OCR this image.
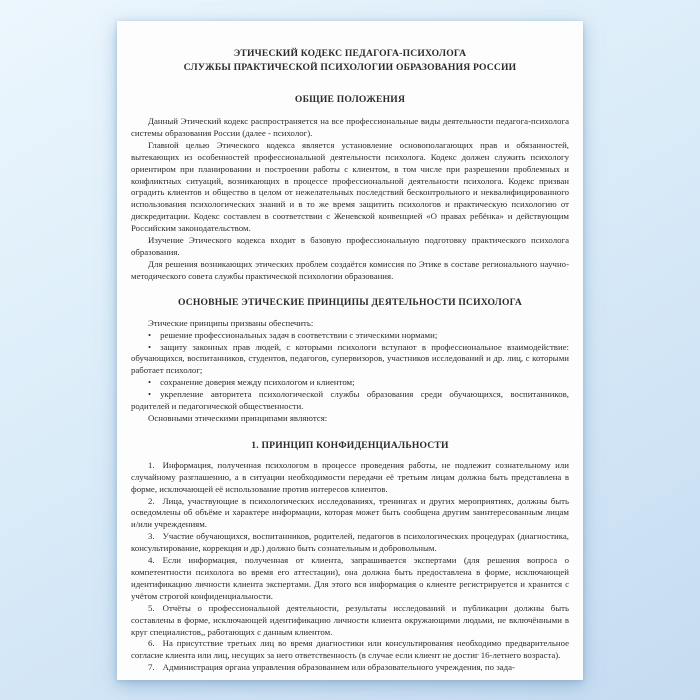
ЭТИЧЕСКИЙ КОДЕКС ПЕДАГОГА-ПСИХОЛОГА
СЛУЖБЫ ПРАКТИЧЕСКОЙ ПСИХОЛОГИИ ОБРАЗОВАНИЯ РОССИИ
ОБЩИЕ ПОЛОЖЕНИЯ

Данный Этический кодекс распространяется на все профессиональные виды деятельности педагога-психолога системы образования России (далее - психолог).

Главной целью Этического кодекса является установление основополагающих прав и обязанностей, вытекающих из особенностей профессиональной деятельности психолога. Кодекс должен служить психологу ориентиром при планировании и построении работы с клиентом, в том числе при разрешении проблемных и конфликтных ситуаций, возникающих в процессе профессиональной деятельности психолога. Кодекс призван оградить клиентов и общество в целом от нежелательных последствий бесконтрольного и неквалифицированного использования психологических знаний и в то же время защитить психологов и практическую психологию от дискредитации. Кодекс составлен в соответствии с Женевской конвенцией «О правах ребёнка» и действующим Российским законодательством.

Изучение Этического кодекса входит в базовую профессиональную подготовку практического психолога образования.

Для решения возникающих этических проблем создаётся комиссия по Этике в составе регионального научно-методического совета службы практической психологии образования.

ОСНОВНЫЕ ЭТИЧЕСКИЕ ПРИНЦИПЫ ДЕЯТЕЛЬНОСТИ ПСИХОЛОГА

Этические принципы призваны обеспечить:

• решение профессиональных задач в соответствии с этическими нормами;

• защиту законных прав людей, с которыми психологи вступают в профессиональное взаимодействие: обучающихся, воспитанников, студентов, педагогов, супервизоров, участников исследований и др. лиц, с которыми работает психолог;

• сохранение доверия между психологом и клиентом;

• укрепление авторитета психологической службы образования среди обучающихся, воспитанников, родителей и педагогической общественности.

Основными этическими принципами являются:

1. ПРИНЦИП КОНФИДЕНЦИАЛЬНОСТИ

1. Информация, полученная психологом в процессе проведения работы, не подлежит сознательному или случайному разглашению, а в ситуации необходимости передачи её третьим лицам должна быть представлена в форме, исключающей её использование против интересов клиентов.

2. Лица, участвующие в психологических исследованиях, тренингах и других мероприятиях, должны быть осведомлены об объёме и характере информации, которая может быть сообщена другим заинтересованным лицам и/или учреждениям.

3. Участие обучающихся, воспитанников, родителей, педагогов в психологических процедурах (диагностика, консультирование, коррекция и др.) должно быть сознательным и добровольным.

4. Если информация, полученная от клиента, запрашивается экспертами (для решения вопроса о компетентности психолога во время его аттестации), она должна быть предоставлена в форме, исключающей идентификацию личности клиента экспертами. Для этого вся информация о клиенте регистрируется и хранится с учётом строгой конфиденциальности.

5. Отчёты о профессиональной деятельности, результаты исследований и публикации должны быть составлены в форме, исключающей идентификацию личности клиента окружающими людьми, не включёнными в круг специалистов,, работающих с данным клиентом.

6. На присутствие третьих лиц во время диагностики или консультирования необходимо предварительное согласие клиента или лиц, несущих за него ответственность (в случае если клиент не достиг 16-летнего возраста).

7. Администрация органа управления образованием или образовательного учреждения, по зада-
